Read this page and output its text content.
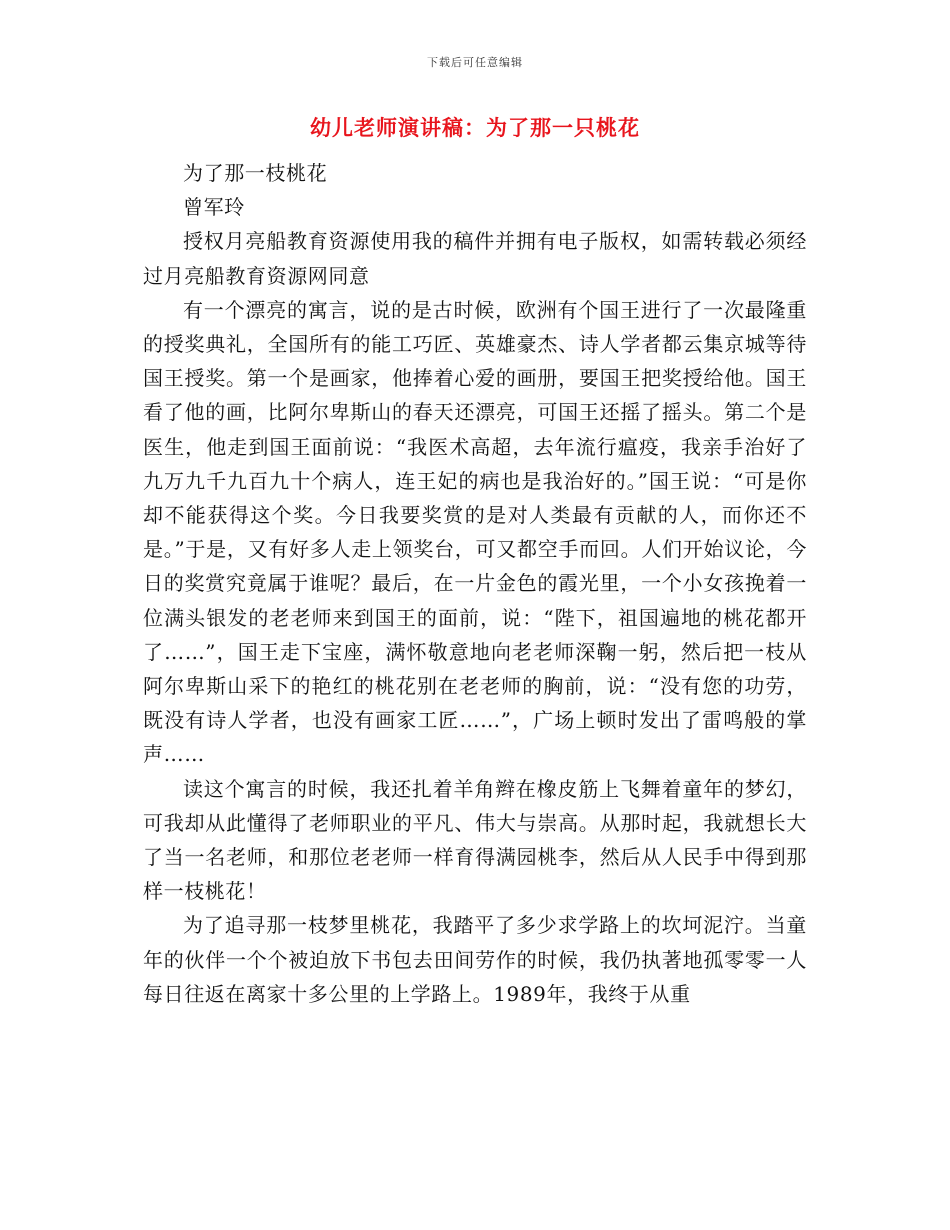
下载后可任意编辑
幼儿老师演讲稿：为了那一只桃花

为了那一枝桃花

曾军玲

授权月亮船教育资源使用我的稿件并拥有电子版权，如需转载必须经过月亮船教育资源网同意

有一个漂亮的寓言，说的是古时候，欧洲有个国王进行了一次最隆重的授奖典礼，全国所有的能工巧匠、英雄豪杰、诗人学者都云集京城等待国王授奖。第一个是画家，他捧着心爱的画册，要国王把奖授给他。国王看了他的画，比阿尔卑斯山的春天还漂亮，可国王还摇了摇头。第二个是医生，他走到国王面前说：“我医术高超，去年流行瘟疫，我亲手治好了九万九千九百九十个病人，连王妃的病也是我治好的。”国王说：“可是你却不能获得这个奖。今日我要奖赏的是对人类最有贡献的人，而你还不是。”于是，又有好多人走上领奖台，可又都空手而回。人们开始议论，今日的奖赏究竟属于谁呢？最后，在一片金色的霞光里，一个小女孩挽着一位满头银发的老老师来到国王的面前，说：“陛下，祖国遍地的桃花都开了……”，国王走下宝座，满怀敬意地向老老师深鞠一躬，然后把一枝从阿尔卑斯山采下的艳红的桃花别在老老师的胸前，说：“没有您的功劳，既没有诗人学者，也没有画家工匠……”，广场上顿时发出了雷鸣般的掌声……

读这个寓言的时候，我还扎着羊角辫在橡皮筋上飞舞着童年的梦幻，可我却从此懂得了老师职业的平凡、伟大与崇高。从那时起，我就想长大了当一名老师，和那位老老师一样育得满园桃李，然后从人民手中得到那样一枝桃花！

为了追寻那一枝梦里桃花，我踏平了多少求学路上的坎坷泥泞。当童年的伙伴一个个被迫放下书包去田间劳作的时候，我仍执著地孤零零一人每日往返在离家十多公里的上学路上。1989年，我终于从重
